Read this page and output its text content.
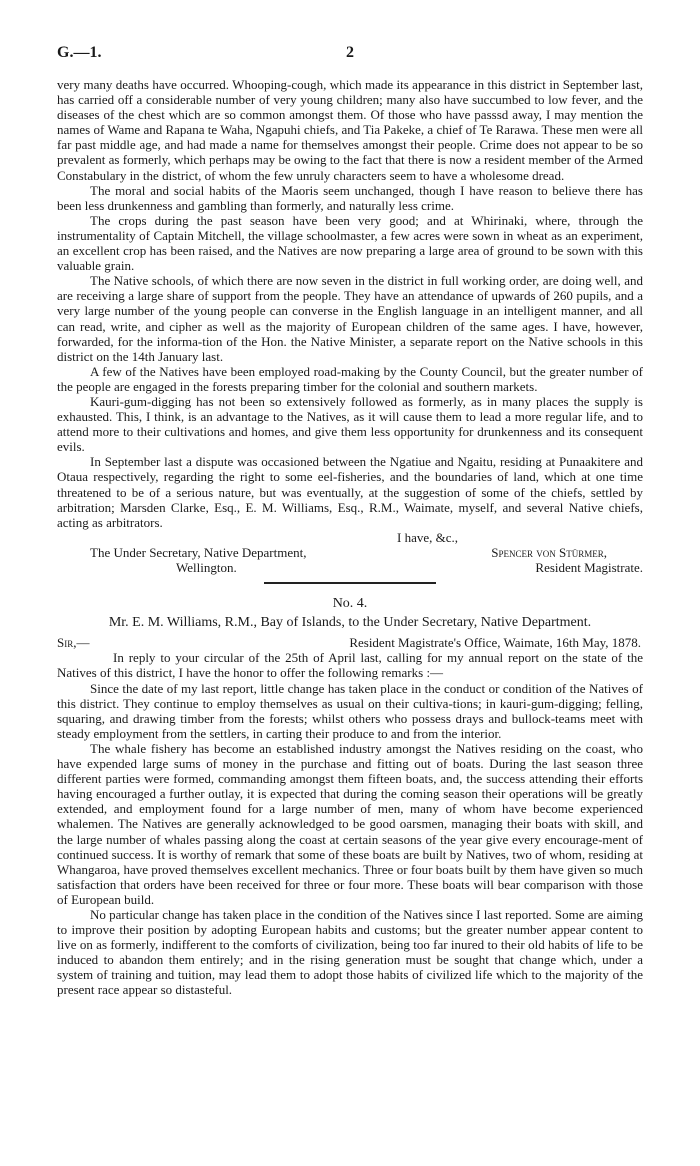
G.—1.	2

very many deaths have occurred. Whooping-cough, which made its appearance in this district in September last, has carried off a considerable number of very young children; many also have succumbed to low fever, and the diseases of the chest which are so common amongst them. Of those who have passsd away, I may mention the names of Wame and Rapana te Waha, Ngapuhi chiefs, and Tia Pakeke, a chief of Te Rarawa. These men were all far past middle age, and had made a name for themselves amongst their people. Crime does not appear to be so prevalent as formerly, which perhaps may be owing to the fact that there is now a resident member of the Armed Constabulary in the district, of whom the few unruly characters seem to have a wholesome dread.

The moral and social habits of the Maoris seem unchanged, though I have reason to believe there has been less drunkenness and gambling than formerly, and naturally less crime.

The crops during the past season have been very good; and at Whirinaki, where, through the instrumentality of Captain Mitchell, the village schoolmaster, a few acres were sown in wheat as an experiment, an excellent crop has been raised, and the Natives are now preparing a large area of ground to be sown with this valuable grain.

The Native schools, of which there are now seven in the district in full working order, are doing well, and are receiving a large share of support from the people. They have an attendance of upwards of 260 pupils, and a very large number of the young people can converse in the English language in an intelligent manner, and all can read, write, and cipher as well as the majority of European children of the same ages. I have, however, forwarded, for the informa-tion of the Hon. the Native Minister, a separate report on the Native schools in this district on the 14th January last.

A few of the Natives have been employed road-making by the County Council, but the greater number of the people are engaged in the forests preparing timber for the colonial and southern markets.

Kauri-gum-digging has not been so extensively followed as formerly, as in many places the supply is exhausted. This, I think, is an advantage to the Natives, as it will cause them to lead a more regular life, and to attend more to their cultivations and homes, and give them less opportunity for drunkenness and its consequent evils.

In September last a dispute was occasioned between the Ngatiue and Ngaitu, residing at Punaakitere and Otaua respectively, regarding the right to some eel-fisheries, and the boundaries of land, which at one time threatened to be of a serious nature, but was eventually, at the suggestion of some of the chiefs, settled by arbitration; Marsden Clarke, Esq., E. M. Williams, Esq., R.M., Waimate, myself, and several Native chiefs, acting as arbitrators.

I have, &c.,
The Under Secretary, Native Department,
Wellington.
Spencer von Stürmer,
Resident Magistrate.
No. 4.
Mr. E. M. Williams, R.M., Bay of Islands, to the Under Secretary, Native Department.
Sir,—	Resident Magistrate's Office, Waimate, 16th May, 1878.

In reply to your circular of the 25th of April last, calling for my annual report on the state of the Natives of this district, I have the honor to offer the following remarks :—

Since the date of my last report, little change has taken place in the conduct or condition of the Natives of this district. They continue to employ themselves as usual on their cultiva-tions; in kauri-gum-digging; felling, squaring, and drawing timber from the forests; whilst others who possess drays and bullock-teams meet with steady employment from the settlers, in carting their produce to and from the interior.

The whale fishery has become an established industry amongst the Natives residing on the coast, who have expended large sums of money in the purchase and fitting out of boats. During the last season three different parties were formed, commanding amongst them fifteen boats, and, the success attending their efforts having encouraged a further outlay, it is expected that during the coming season their operations will be greatly extended, and employment found for a large number of men, many of whom have become experienced whalemen. The Natives are generally acknowledged to be good oarsmen, managing their boats with skill, and the large number of whales passing along the coast at certain seasons of the year give every encourage-ment of continued success. It is worthy of remark that some of these boats are built by Natives, two of whom, residing at Whangaroa, have proved themselves excellent mechanics. Three or four boats built by them have given so much satisfaction that orders have been received for three or four more. These boats will bear comparison with those of European build.

No particular change has taken place in the condition of the Natives since I last reported. Some are aiming to improve their position by adopting European habits and customs; but the greater number appear content to live on as formerly, indifferent to the comforts of civilization, being too far inured to their old habits of life to be induced to abandon them entirely; and in the rising generation must be sought that change which, under a system of training and tuition, may lead them to adopt those habits of civilized life which to the majority of the present race appear so distasteful.
